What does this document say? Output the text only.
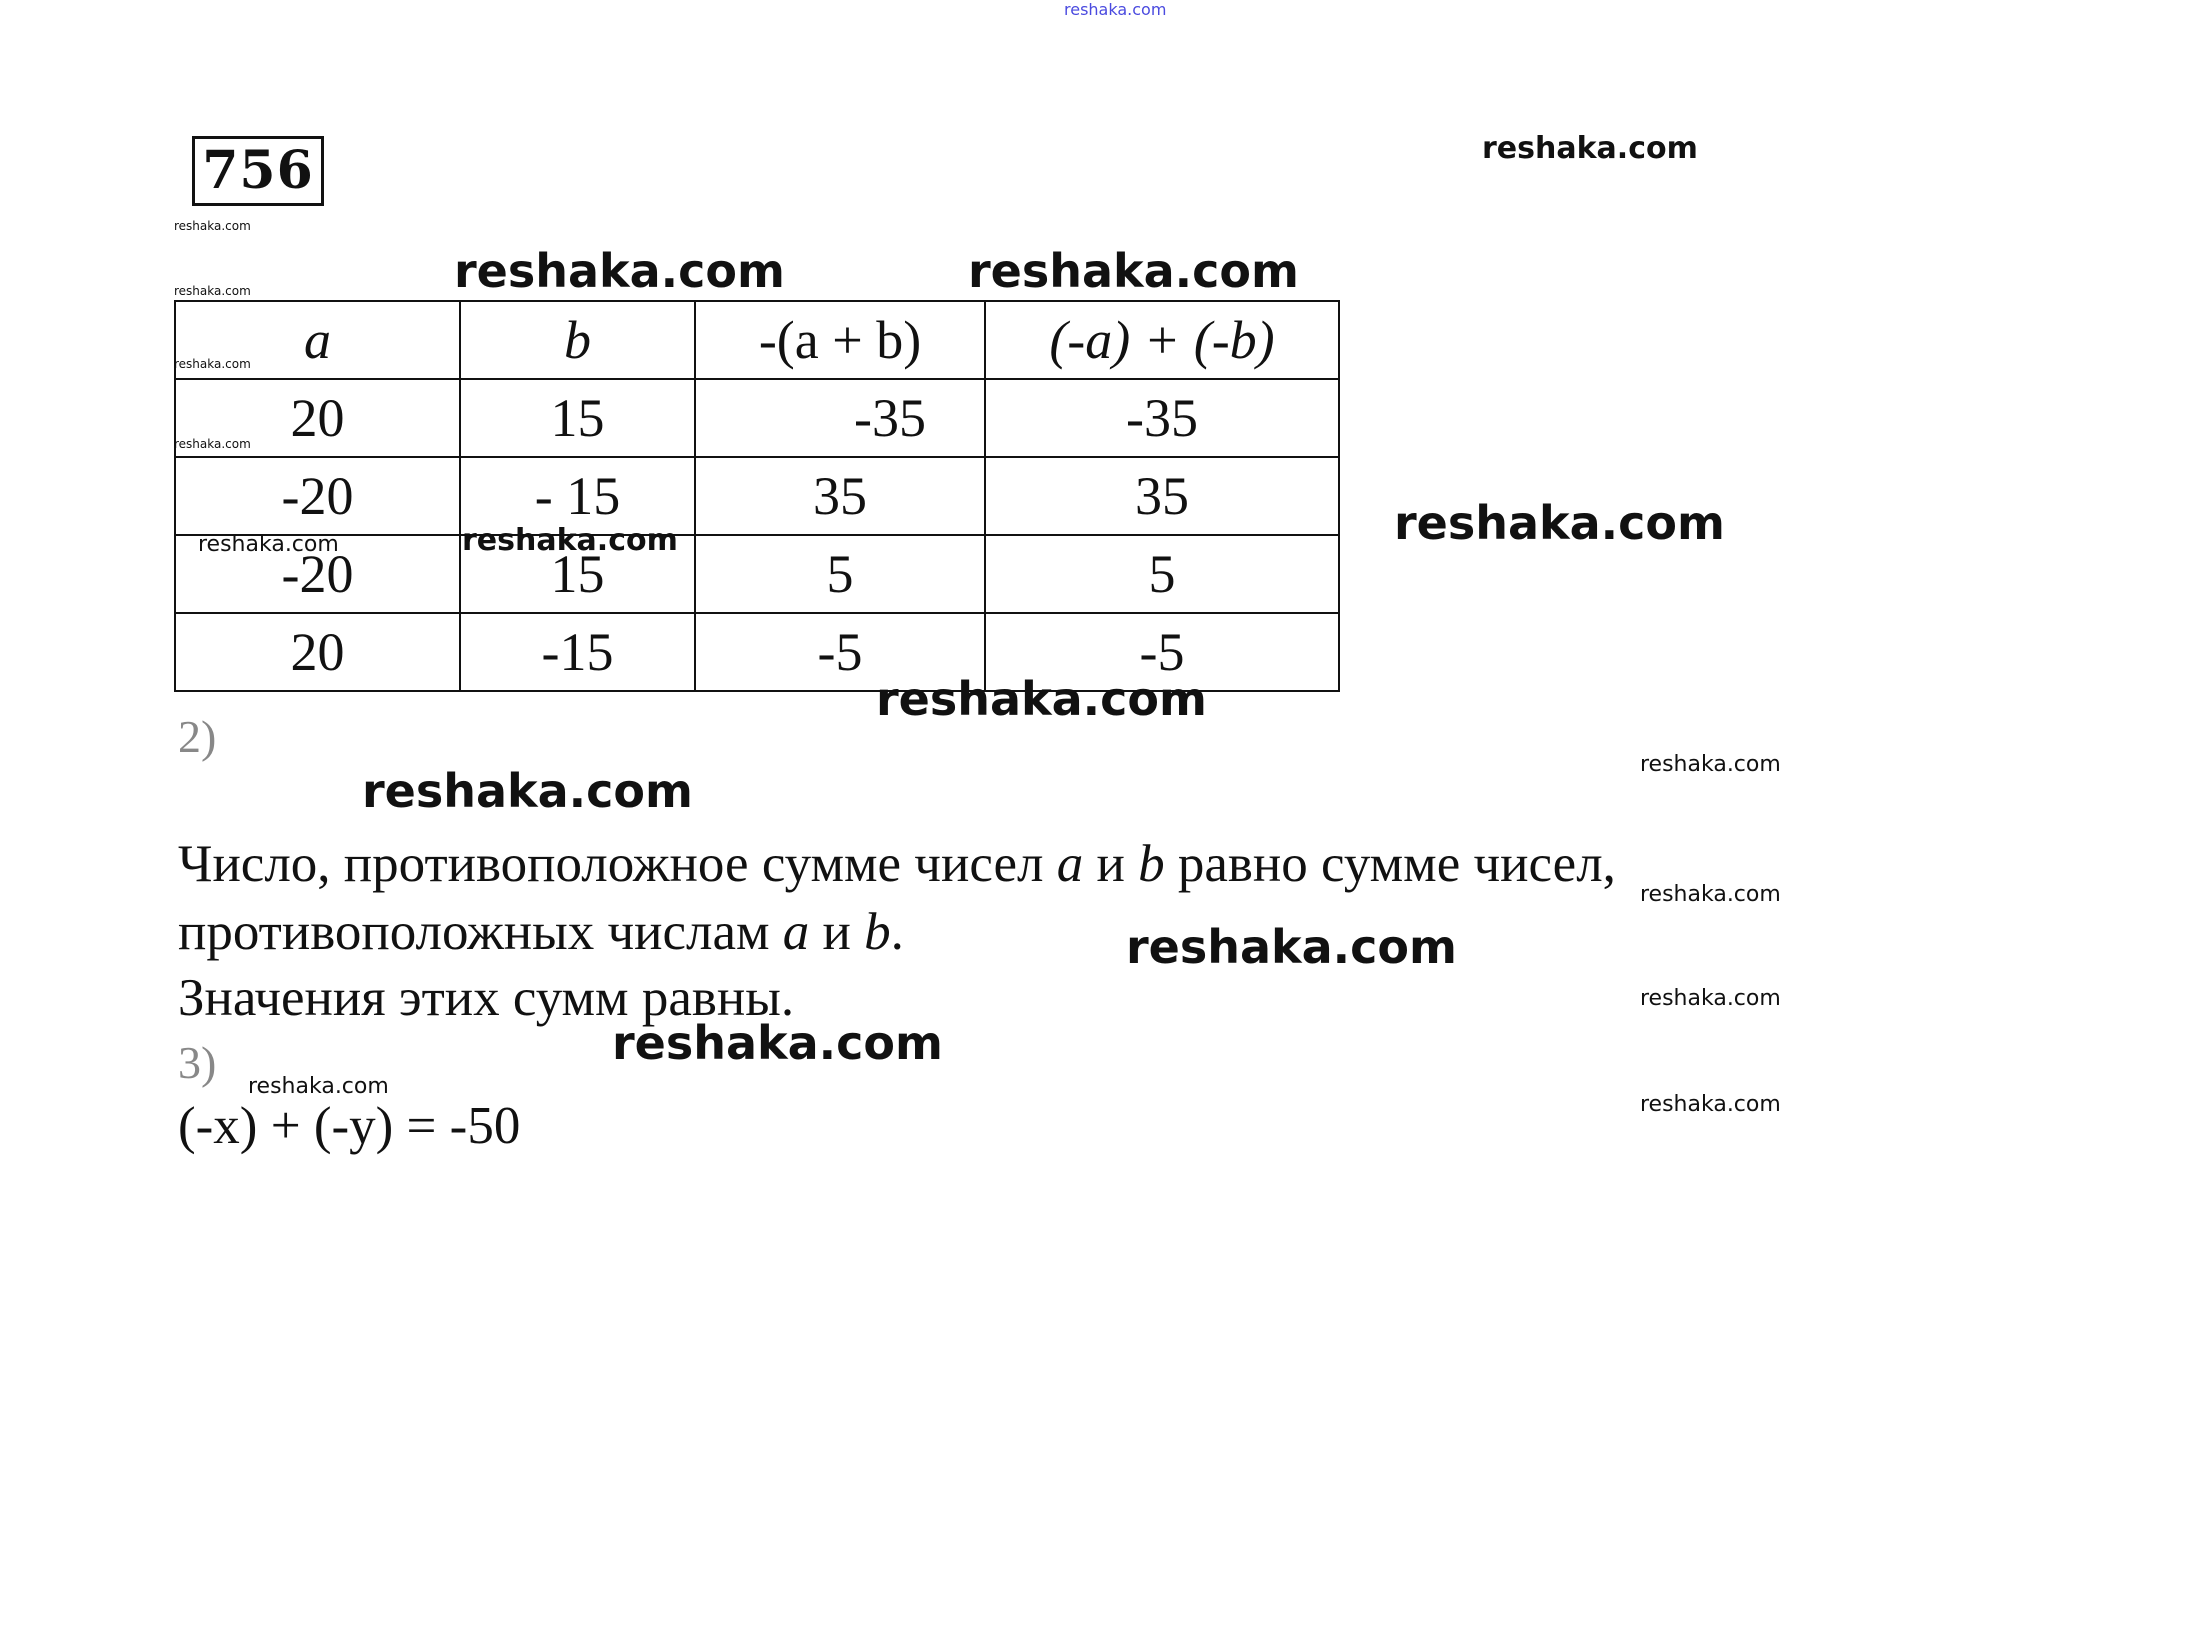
reshaka.com
756	reshaka.com
reshaka.com
reshaka.com	reshaka.com	reshaka.com
a	b	-(a + b)	(-a) + (-b)
20	15	-35	-35
-20	- 15	35	35
-20	15	5	5
20	-15	-5	-5
reshaka.com
reshaka.com
reshaka.com	reshaka.com	reshaka.com
reshaka.com
2)
reshaka.com
reshaka.com
Число, противоположное сумме чисел a и b равно сумме чисел,
reshaka.com
противоположных числам a и b.	reshaka.com
Значения этих сумм равны.	reshaka.com
reshaka.com
3) reshaka.com
reshaka.com
(-x) + (-y) = -50
